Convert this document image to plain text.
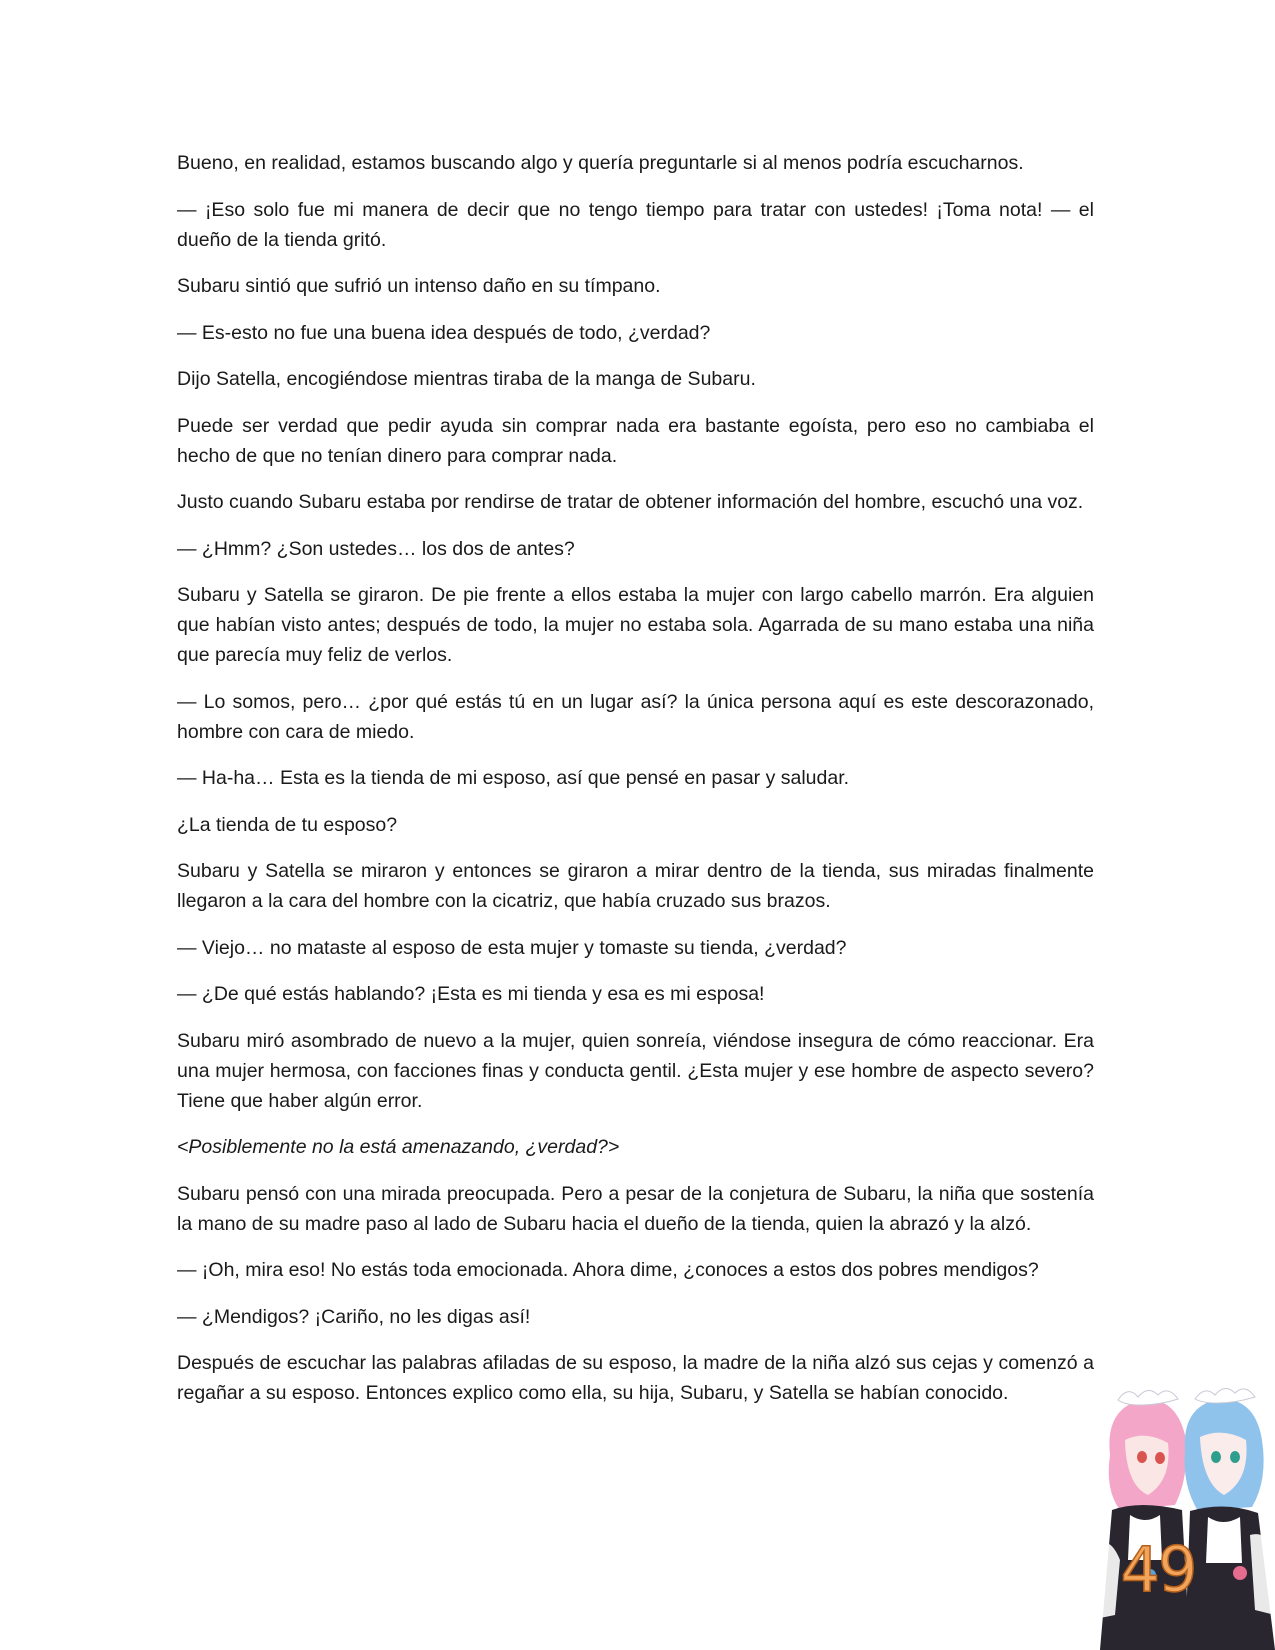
Bueno, en realidad, estamos buscando algo y quería preguntarle si al menos podría escucharnos.

— ¡Eso solo fue mi manera de decir que no tengo tiempo para tratar con ustedes! ¡Toma nota! — el dueño de la tienda gritó.

Subaru sintió que sufrió un intenso daño en su tímpano.

— Es-esto no fue una buena idea después de todo, ¿verdad?

Dijo Satella, encogiéndose mientras tiraba de la manga de Subaru.

Puede ser verdad que pedir ayuda sin comprar nada era bastante egoísta, pero eso no cambiaba el hecho de que no tenían dinero para comprar nada.

Justo cuando Subaru estaba por rendirse de tratar de obtener información del hombre, escuchó una voz.

— ¿Hmm? ¿Son ustedes… los dos de antes?

Subaru y Satella se giraron. De pie frente a ellos estaba la mujer con largo cabello marrón. Era alguien que habían visto antes; después de todo, la mujer no estaba sola. Agarrada de su mano estaba una niña que parecía muy feliz de verlos.

— Lo somos, pero… ¿por qué estás tú en un lugar así? la única persona aquí es este descorazonado, hombre con cara de miedo.

— Ha-ha… Esta es la tienda de mi esposo, así que pensé en pasar y saludar.

¿La tienda de tu esposo?

Subaru y Satella se miraron y entonces se giraron a mirar dentro de la tienda, sus miradas finalmente llegaron a la cara del hombre con la cicatriz, que había cruzado sus brazos.

— Viejo… no mataste al esposo de esta mujer y tomaste su tienda, ¿verdad?

— ¿De qué estás hablando? ¡Esta es mi tienda y esa es mi esposa!

Subaru miró asombrado de nuevo a la mujer, quien sonreía, viéndose insegura de cómo reaccionar. Era una mujer hermosa, con facciones finas y conducta gentil. ¿Esta mujer y ese hombre de aspecto severo? Tiene que haber algún error.

<Posiblemente no la está amenazando, ¿verdad?>

Subaru pensó con una mirada preocupada. Pero a pesar de la conjetura de Subaru, la niña que sostenía la mano de su madre paso al lado de Subaru hacia el dueño de la tienda, quien la abrazó y la alzó.

— ¡Oh, mira eso! No estás toda emocionada. Ahora dime, ¿conoces a estos dos pobres mendigos?

— ¿Mendigos? ¡Cariño, no les digas así!

Después de escuchar las palabras afiladas de su esposo, la madre de la niña alzó sus cejas y comenzó a regañar a su esposo. Entonces explico como ella, su hija, Subaru, y Satella se habían conocido.

49
